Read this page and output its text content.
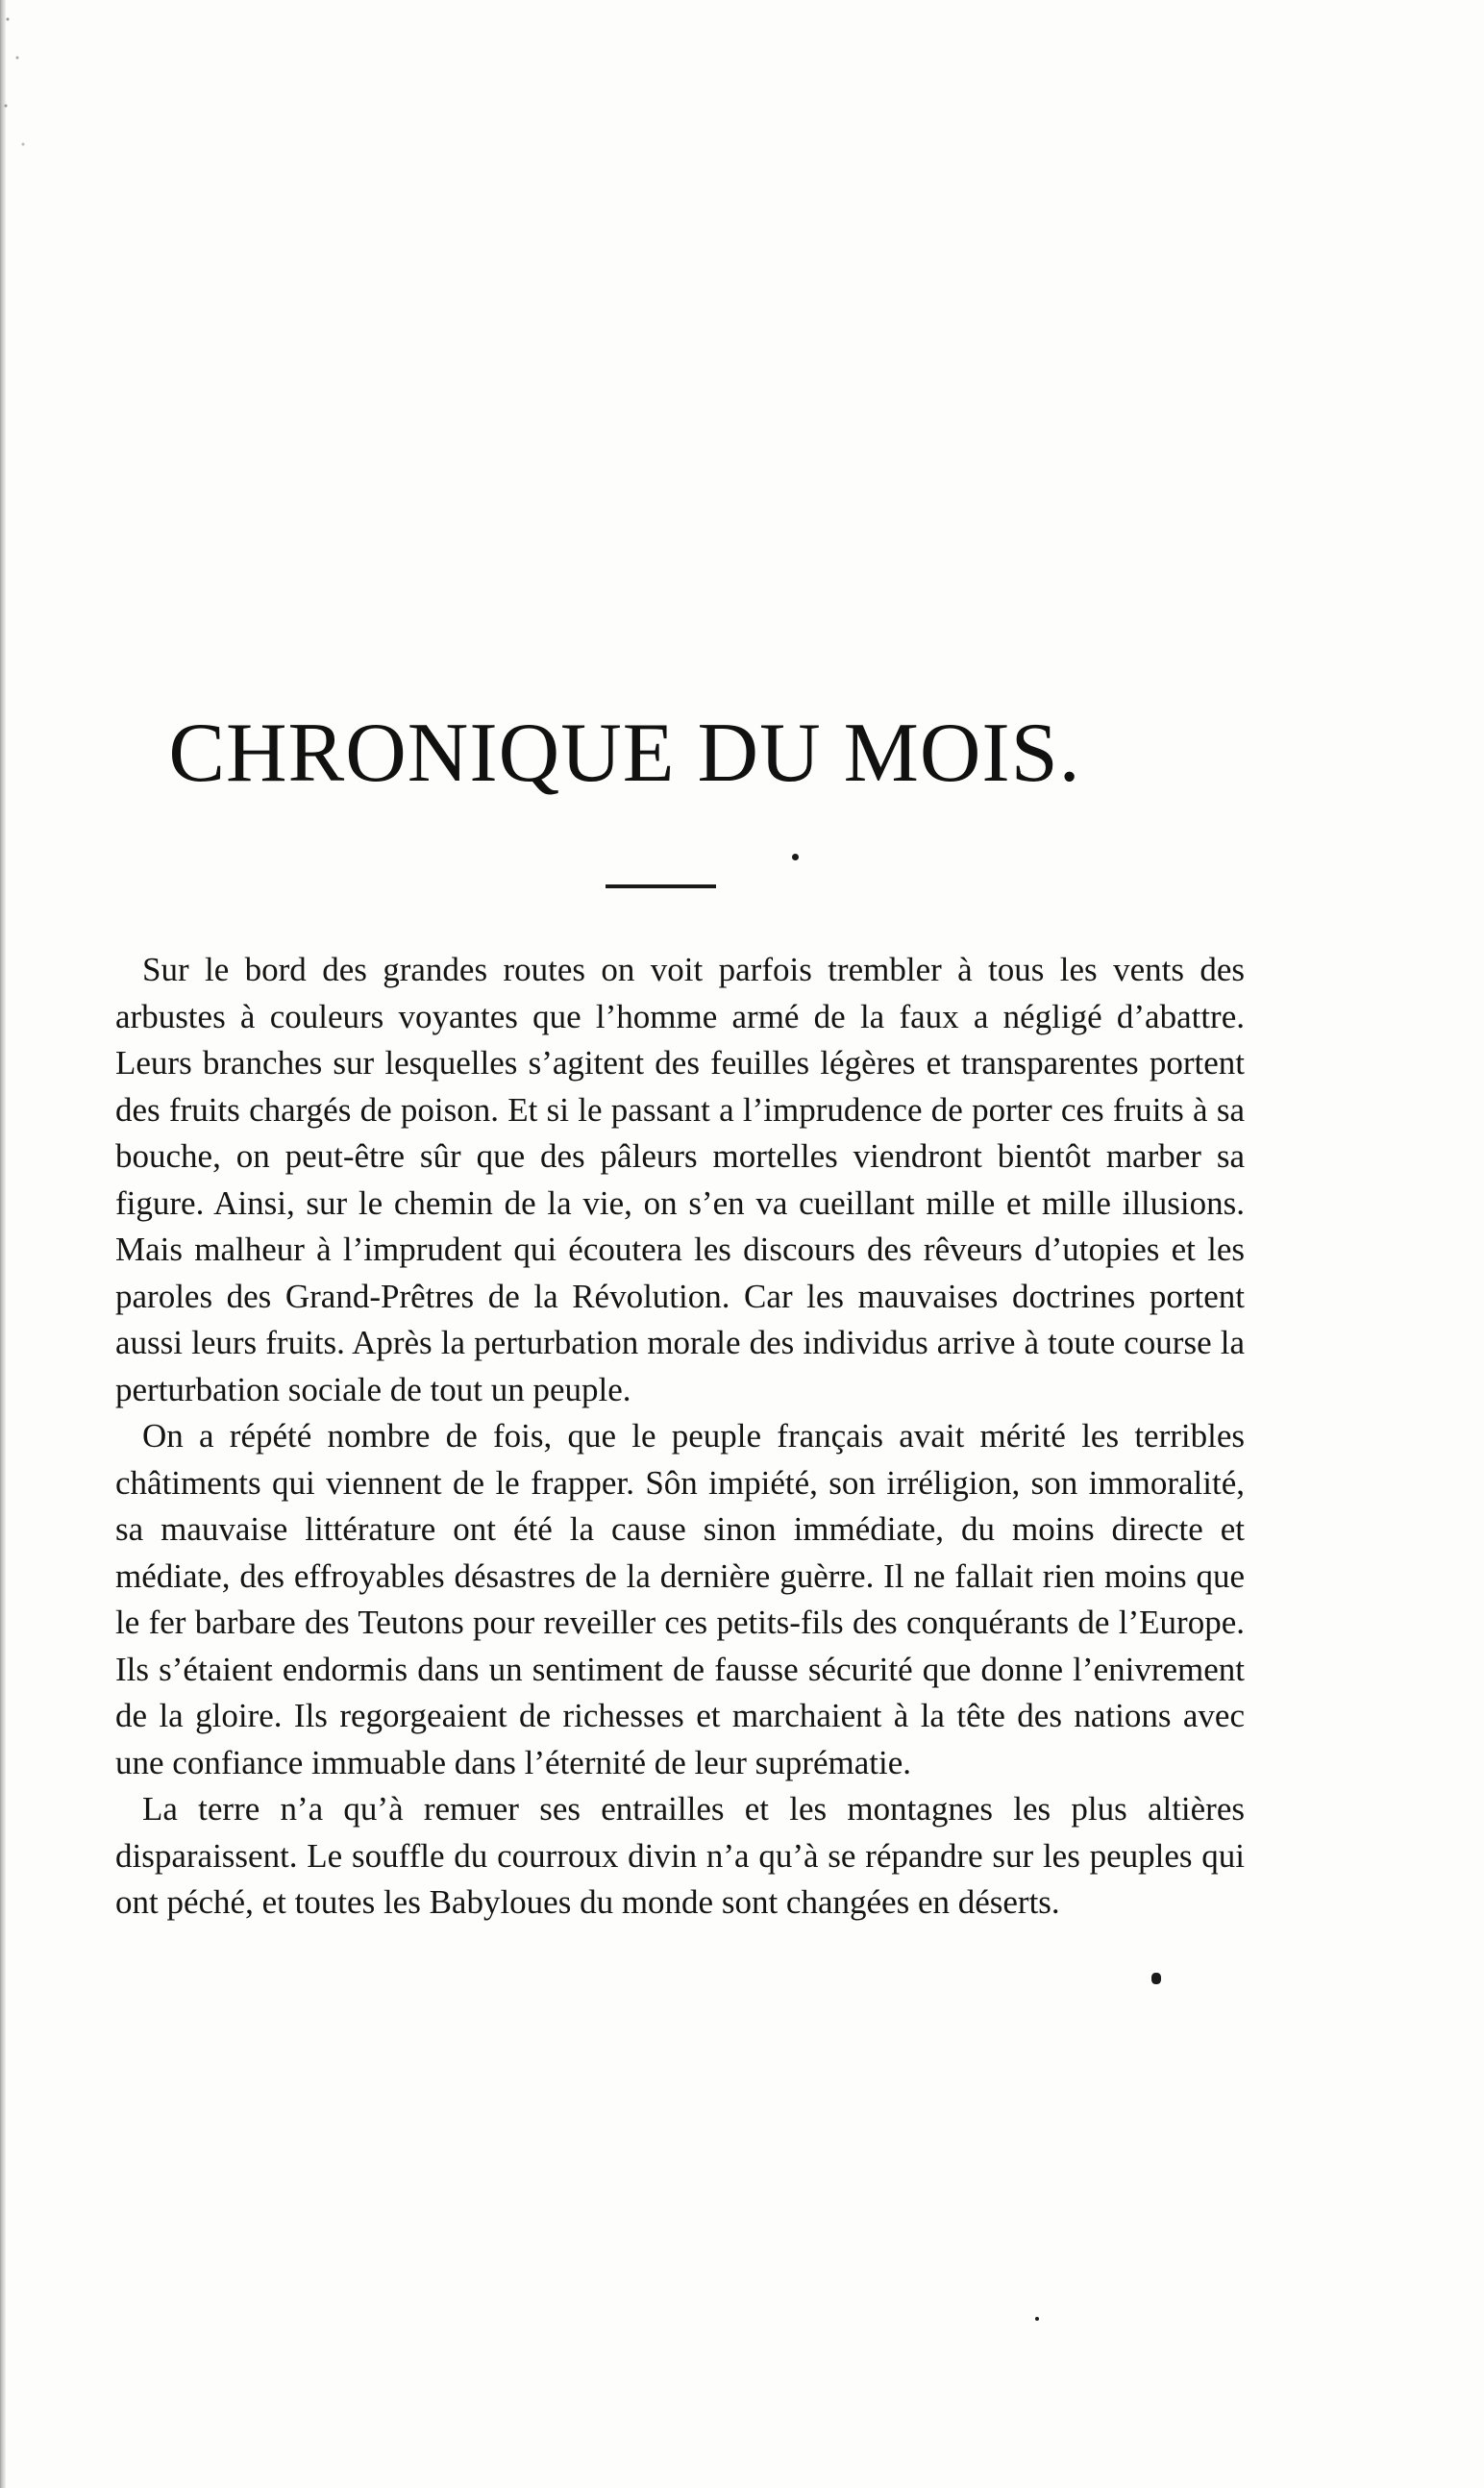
CHRONIQUE DU MOIS.

Sur le bord des grandes routes on voit parfois trembler à tous les vents des arbustes à couleurs voyantes que l’homme armé de la faux a négligé d’abattre. Leurs branches sur lesquelles s’agitent des feuilles légères et transparentes portent des fruits chargés de poison. Et si le passant a l’imprudence de porter ces fruits à sa bouche, on peut-être sûr que des pâleurs mortelles viendront bientôt marber sa figure. Ainsi, sur le chemin de la vie, on s’en va cueillant mille et mille illusions. Mais malheur à l’imprudent qui écoutera les discours des rêveurs d’utopies et les paroles des Grand-Prêtres de la Révolution. Car les mauvaises doctrines portent aussi leurs fruits. Après la perturbation morale des individus arrive à toute course la perturbation sociale de tout un peuple.

On a répété nombre de fois, que le peuple français avait mérité les terribles châtiments qui viennent de le frapper. Sôn impiété, son irréligion, son immoralité, sa mauvaise littérature ont été la cause sinon immédiate, du moins directe et médiate, des effroyables désastres de la dernière guèrre. Il ne fallait rien moins que le fer barbare des Teutons pour reveiller ces petits-fils des conquérants de l’Europe. Ils s’étaient endormis dans un sentiment de fausse sécurité que donne l’enivrement de la gloire. Ils regorgeaient de richesses et marchaient à la tête des nations avec une confiance immuable dans l’éternité de leur suprématie.

La terre n’a qu’à remuer ses entrailles et les montagnes les plus altières disparaissent. Le souffle du courroux divin n’a qu’à se répandre sur les peuples qui ont péché, et toutes les Babyloues du monde sont changées en déserts.
